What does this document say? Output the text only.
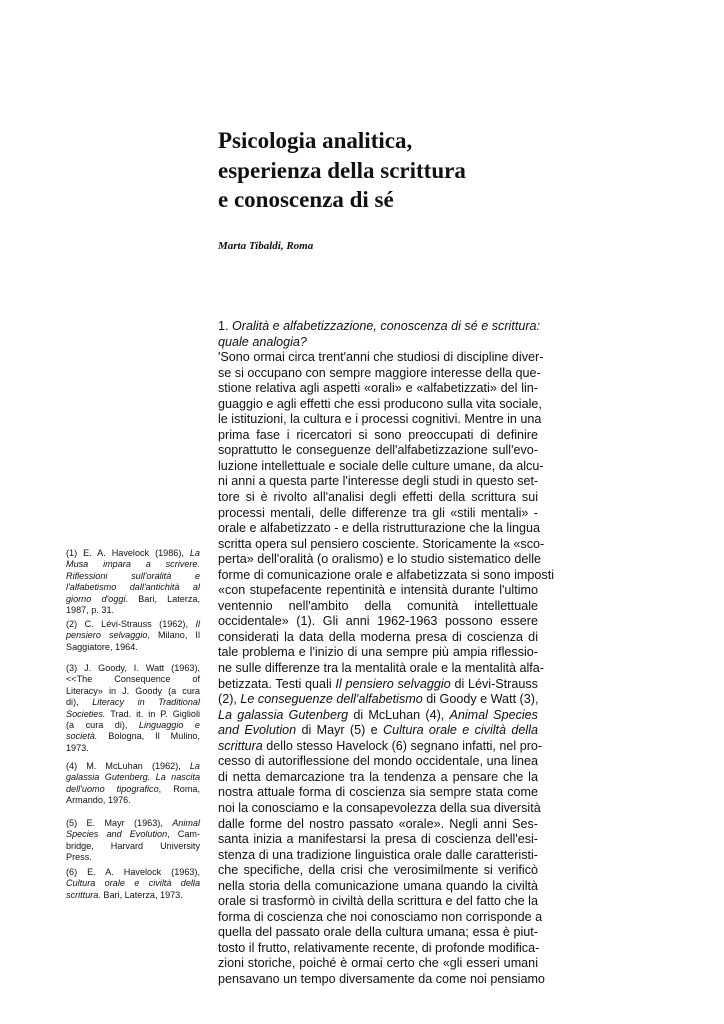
Psicologia analitica,
esperienza della scrittura
e conoscenza di sé

Marta Tibaldi, Roma

1. Oralità e alfabetizzazione, conoscenza di sé e scrittura:
quale analogia?
'Sono ormai circa trent'anni che studiosi di discipline diver-
se si occupano con sempre maggiore interesse della que-
stione relativa agli aspetti «orali» e «alfabetizzati» del lin-
guaggio e agli effetti che essi producono sulla vita sociale,
le istituzioni, la cultura e i processi cognitivi. Mentre in una
prima fase i ricercatori si sono preoccupati di definire
soprattutto le conseguenze dell'alfabetizzazione sull'evo-
luzione intellettuale e sociale delle culture umane, da alcu-
ni anni a questa parte l'interesse degli studi in questo set-
tore si è rivolto all'analisi degli effetti della scrittura sui
processi mentali, delle differenze tra gli «stili mentali» -
orale e alfabetizzato - e della ristrutturazione che la lingua
scritta opera sul pensiero cosciente. Storicamente la «sco-
perta» dell'oralità (o oralismo) e lo studio sistematico delle
forme di comunicazione orale e alfabetizzata si sono imposti
«con stupefacente repentinità e intensità durante l'ultimo
ventennio nell'ambito della comunità intellettuale
occidentale» (1). Gli anni 1962-1963 possono essere
considerati la data della moderna presa di coscienza di
tale problema e l'inizio di una sempre più ampia riflessio-
ne sulle differenze tra la mentalità orale e la mentalità alfa-
betizzata. Testi quali Il pensiero selvaggio di Lévi-Strauss
(2), Le conseguenze dell'alfabetismo di Goody e Watt (3),
La galassia Gutenberg di McLuhan (4), Animal Species
and Evolution di Mayr (5) e Cultura orale e civiltà della
scrittura dello stesso Havelock (6) segnano infatti, nel pro-
cesso di autoriflessione del mondo occidentale, una linea
di netta demarcazione tra la tendenza a pensare che la
nostra attuale forma di coscienza sia sempre stata come
noi la conosciamo e la consapevolezza della sua diversità
dalle forme del nostro passato «orale». Negli anni Ses-
santa inizia a manifestarsi la presa di coscienza dell'esi-
stenza di una tradizione linguistica orale dalle caratteristi-
che specifiche, della crisi che verosimilmente si verificò
nella storia della comunicazione umana quando la civiltà
orale si trasformò in civiltà della scrittura e del fatto che la
forma di coscienza che noi conosciamo non corrisponde a
quella del passato orale della cultura umana; essa è piut-
tosto il frutto, relativamente recente, di profonde modifica-
zioni storiche, poiché è ormai certo che «gli esseri umani
pensavano un tempo diversamente da come noi pensiamo
(1) E. A. Havelock (1986), La
Musa impara a scrivere.
Riflessioni sull'oralità e
l'alfabetismo dall'antichità al
giorno d'oggi. Bari, Laterza,
1987, p. 31.
(2) C. Lévi-Strauss (1962), Il
pensiero selvaggio, Milano, Il
Saggiatore, 1964.
(3) J. Goody, I. Watt (1963),
<<The Consequence of
Literacy» in J. Goody (a cura
di), Literacy in Traditional
Societies. Trad. it. in P. Giglioli
(a cura di), Linguaggio e
società. Bologna, Il Mulino,
1973.
(4) M. McLuhan (1962), La
galassia Gutenberg. La nascita
dell'uomo tipografico, Roma,
Armando, 1976.
(5) E. Mayr (1963), Animal
Species and Evolution, Cam-
bridge, Harvard University
Press.
(6) E. A. Havelock (1963),
Cultura orale e civiltà della
scrittura. Bari, Laterza, 1973.
